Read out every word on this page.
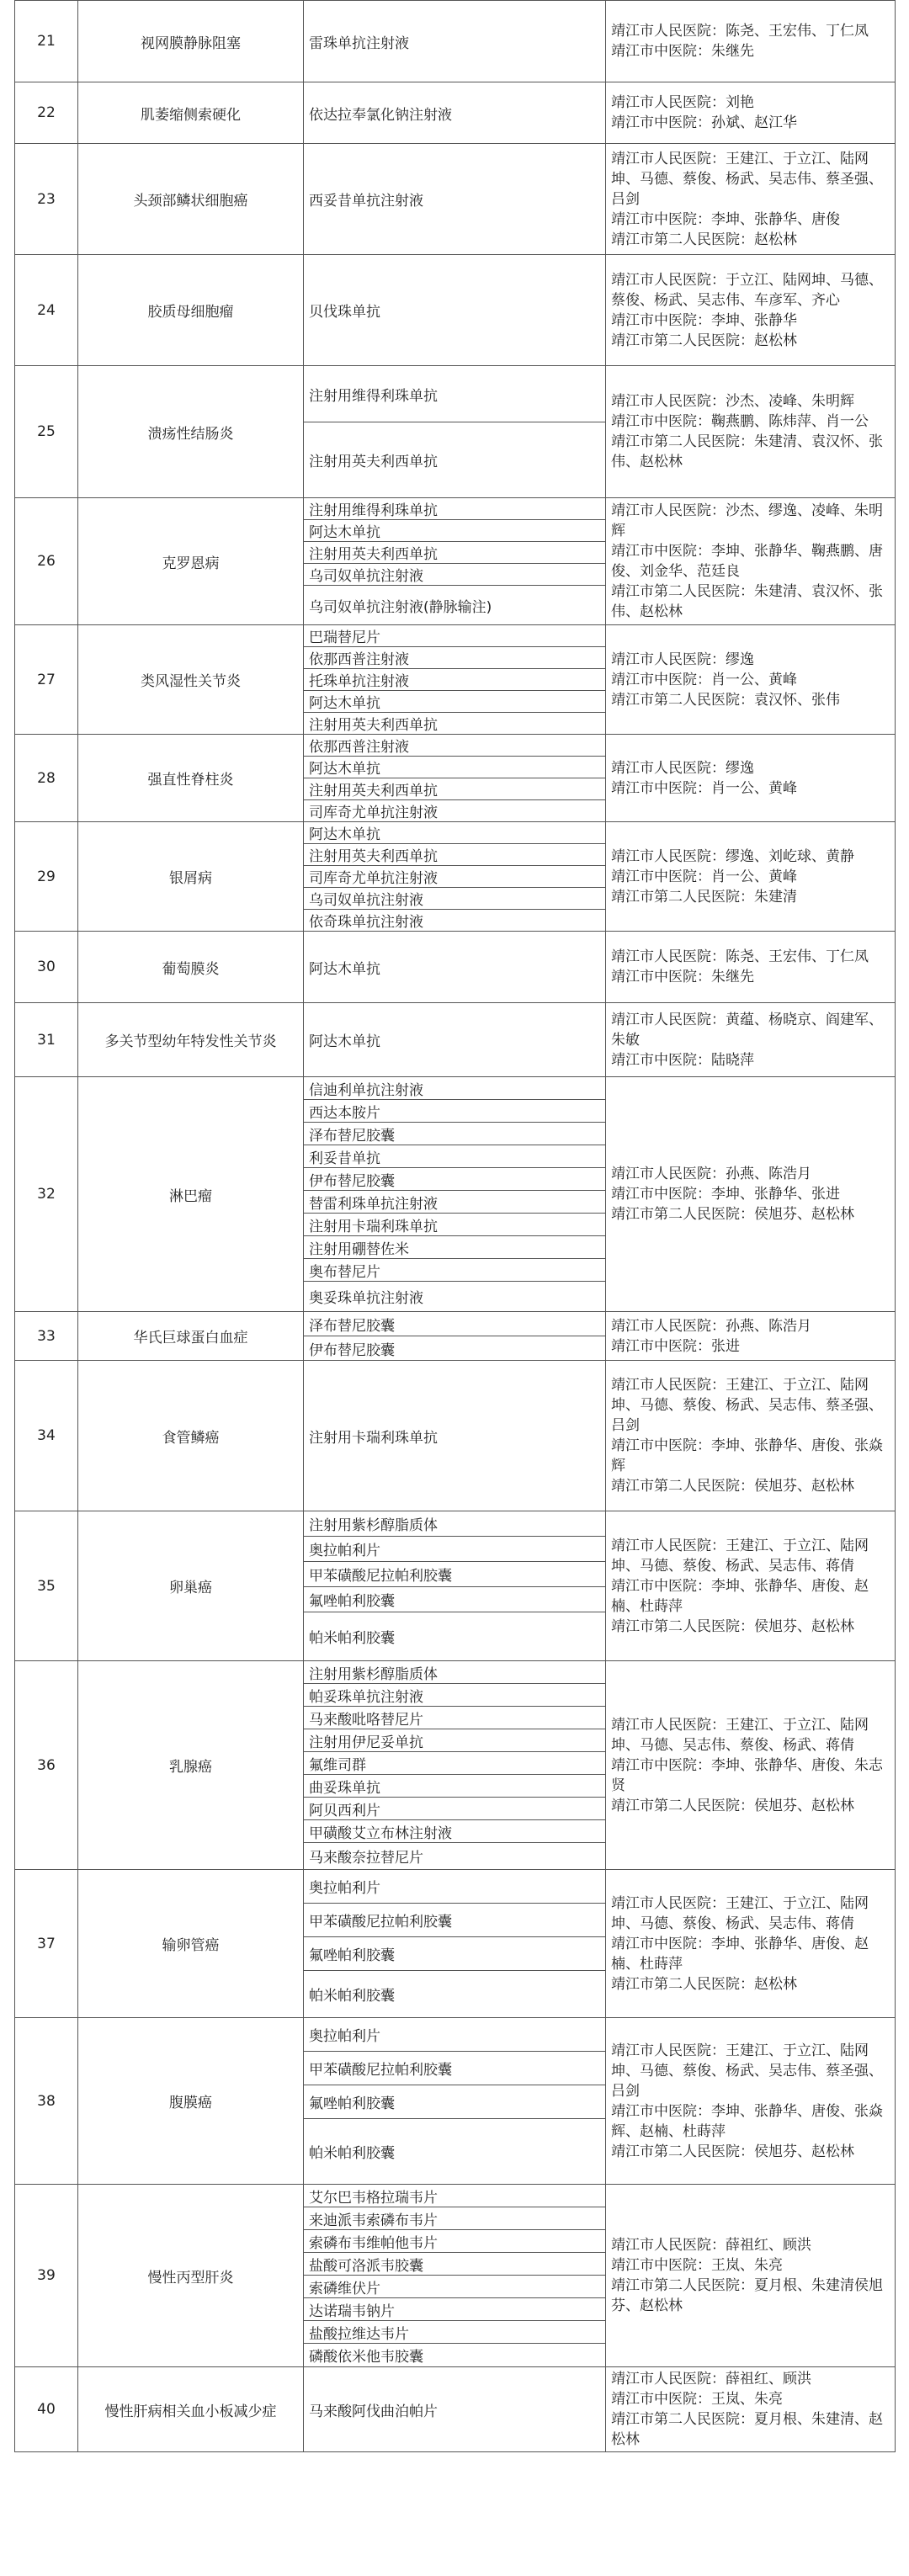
21	视网膜静脉阻塞	雷珠单抗注射液	靖江市人民医院：陈尧、王宏伟、丁仁凤
靖江市中医院：朱继先

22	肌萎缩侧索硬化	依达拉奉氯化钠注射液	靖江市人民医院：刘艳
靖江市中医院：孙斌、赵江华

23	头颈部鳞状细胞癌	西妥昔单抗注射液	靖江市人民医院：王建江、于立江、陆网坤、马德、蔡俊、杨武、吴志伟、蔡圣强、吕剑
靖江市中医院：李坤、张静华、唐俊
靖江市第二人民医院：赵松林

24	胶质母细胞瘤	贝伐珠单抗	靖江市人民医院：于立江、陆网坤、马德、蔡俊、杨武、吴志伟、车彦军、齐心
靖江市中医院：李坤、张静华
靖江市第二人民医院：赵松林

25	溃疡性结肠炎	注射用维得利珠单抗	靖江市人民医院：沙杰、凌峰、朱明辉
靖江市中医院：鞠燕鹏、陈炜萍、肖一公
靖江市第二人民医院：朱建清、袁汉怀、张伟、赵松林

		注射用英夫利西单抗	
26	克罗恩病	注射用维得利珠单抗	靖江市人民医院：沙杰、缪逸、凌峰、朱明辉
靖江市中医院：李坤、张静华、鞠燕鹏、唐俊、刘金华、范廷良
靖江市第二人民医院：朱建清、袁汉怀、张伟、赵松林

		阿达木单抗	
		注射用英夫利西单抗	
		乌司奴单抗注射液	
		乌司奴单抗注射液(静脉输注)	
27	类风湿性关节炎	巴瑞替尼片	靖江市人民医院：缪逸
靖江市中医院：肖一公、黄峰
靖江市第二人民医院：袁汉怀、张伟

		依那西普注射液	
		托珠单抗注射液	
		阿达木单抗	
		注射用英夫利西单抗	
28	强直性脊柱炎	依那西普注射液	靖江市人民医院：缪逸
靖江市中医院：肖一公、黄峰

		阿达木单抗	
		注射用英夫利西单抗	
		司库奇尤单抗注射液	
29	银屑病	阿达木单抗	靖江市人民医院：缪逸、刘屹球、黄静
靖江市中医院：肖一公、黄峰
靖江市第二人民医院：朱建清

		注射用英夫利西单抗	
		司库奇尤单抗注射液	
		乌司奴单抗注射液	
		依奇珠单抗注射液	
30	葡萄膜炎	阿达木单抗	靖江市人民医院：陈尧、王宏伟、丁仁凤
靖江市中医院：朱继先

31	多关节型幼年特发性关节炎	阿达木单抗	靖江市人民医院：黄蕴、杨晓京、阎建军、朱敏
靖江市中医院：陆晓萍

32	淋巴瘤	信迪利单抗注射液	靖江市人民医院：孙燕、陈浩月
靖江市中医院：李坤、张静华、张进
靖江市第二人民医院：侯旭芬、赵松林

		西达本胺片	
		泽布替尼胶囊	
		利妥昔单抗	
		伊布替尼胶囊	
		替雷利珠单抗注射液	
		注射用卡瑞利珠单抗	
		注射用硼替佐米	
		奥布替尼片	
		奥妥珠单抗注射液	
33	华氏巨球蛋白血症	泽布替尼胶囊	靖江市人民医院：孙燕、陈浩月
靖江市中医院：张进

		伊布替尼胶囊	
34	食管鳞癌	注射用卡瑞利珠单抗	靖江市人民医院：王建江、于立江、陆网坤、马德、蔡俊、杨武、吴志伟、蔡圣强、吕剑
靖江市中医院：李坤、张静华、唐俊、张焱辉
靖江市第二人民医院：侯旭芬、赵松林

35	卵巢癌	注射用紫杉醇脂质体	靖江市人民医院：王建江、于立江、陆网坤、马德、蔡俊、杨武、吴志伟、蒋倩
靖江市中医院：李坤、张静华、唐俊、赵楠、杜蒔萍
靖江市第二人民医院：侯旭芬、赵松林

		奥拉帕利片	
		甲苯磺酸尼拉帕利胶囊	
		氟唑帕利胶囊	
		帕米帕利胶囊	
36	乳腺癌	注射用紫杉醇脂质体	靖江市人民医院：王建江、于立江、陆网坤、马德、吴志伟、蔡俊、杨武、蒋倩
靖江市中医院：李坤、张静华、唐俊、朱志贤
靖江市第二人民医院：侯旭芬、赵松林

		帕妥珠单抗注射液	
		马来酸吡咯替尼片	
		注射用伊尼妥单抗	
		氟维司群	
		曲妥珠单抗	
		阿贝西利片	
		甲磺酸艾立布林注射液	
		马来酸奈拉替尼片	
37	输卵管癌	奥拉帕利片	靖江市人民医院：王建江、于立江、陆网坤、马德、蔡俊、杨武、吴志伟、蒋倩
靖江市中医院：李坤、张静华、唐俊、赵楠、杜蒔萍
靖江市第二人民医院：赵松林

		甲苯磺酸尼拉帕利胶囊	
		氟唑帕利胶囊	
		帕米帕利胶囊	
38	腹膜癌	奥拉帕利片	靖江市人民医院：王建江、于立江、陆网坤、马德、蔡俊、杨武、吴志伟、蔡圣强、吕剑
靖江市中医院：李坤、张静华、唐俊、张焱辉、赵楠、杜蒔萍
靖江市第二人民医院：侯旭芬、赵松林

		甲苯磺酸尼拉帕利胶囊	
		氟唑帕利胶囊	
		帕米帕利胶囊	
39	慢性丙型肝炎	艾尔巴韦格拉瑞韦片	靖江市人民医院：薛祖红、顾洪
靖江市中医院：王岚、朱亮
靖江市第二人民医院：夏月根、朱建清侯旭芬、赵松林

		来迪派韦索磷布韦片	
		索磷布韦维帕他韦片	
		盐酸可洛派韦胶囊	
		索磷维伏片	
		达诺瑞韦钠片	
		盐酸拉维达韦片	
		磷酸依米他韦胶囊	
40	慢性肝病相关血小板减少症	马来酸阿伐曲泊帕片	靖江市人民医院：薛祖红、顾洪
靖江市中医院：王岚、朱亮
靖江市第二人民医院：夏月根、朱建清、赵松林
